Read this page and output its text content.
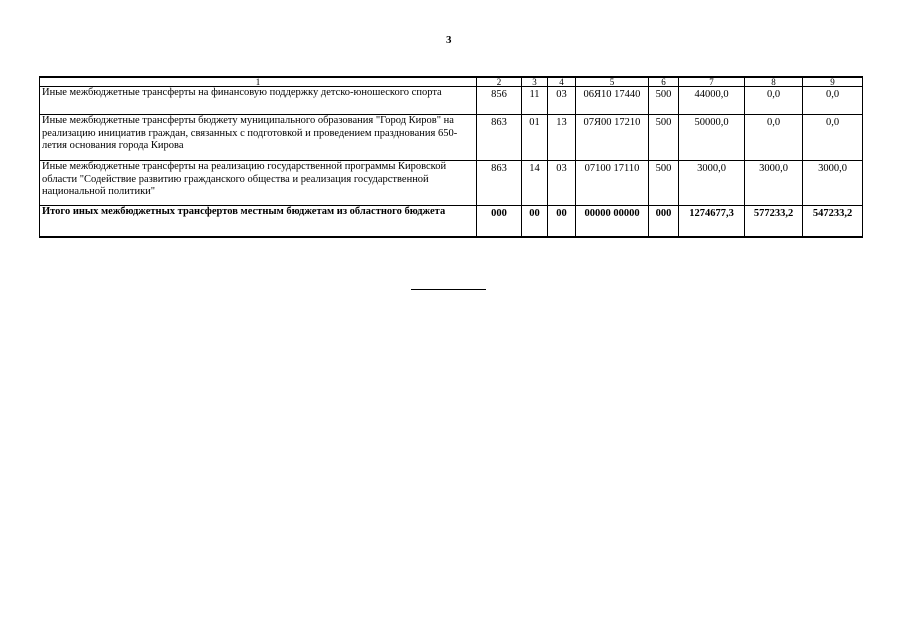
3
1	2	3	4	5	6	7	8	9
Иные межбюджетные трансферты на финансовую поддержку детско-юношеского спорта	856	11	03	06Я10 17440	500	44000,0	0,0	0,0
Иные межбюджетные трансферты бюджету муниципального образования "Город Киров" на реализацию инициатив граждан, связанных с подготовкой и проведением празднования 650-летия основания города Кирова	863	01	13	07Я00 17210	500	50000,0	0,0	0,0
Иные межбюджетные трансферты на реализацию государственной программы Кировской области "Содействие развитию гражданского общества и реализация государственной национальной политики"	863	14	03	07100 17110	500	3000,0	3000,0	3000,0
Итого иных межбюджетных трансфертов местным бюджетам из областного бюджета	000	00	00	00000 00000	000	1274677,3	577233,2	547233,2
